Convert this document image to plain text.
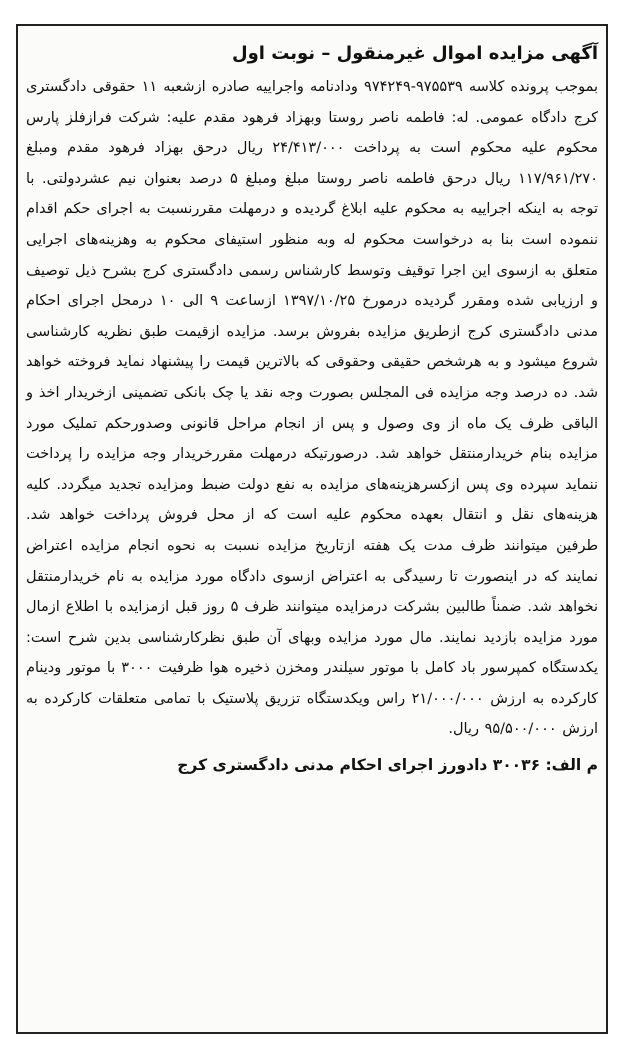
آگهی مزایده اموال غیرمنقول – نوبت اول

بموجب پرونده کلاسه ۹۷۵۵۳۹-۹۷۴۲۴۹ ودادنامه واجراییه صادره ازشعبه ۱۱ حقوقی دادگستری کرج دادگاه عمومی. له: فاطمه ناصر روستا وبهزاد فرهود مقدم علیه: شرکت فرازفلز پارس محکوم علیه محکوم است به پرداخت ۲۴/۴۱۳/۰۰۰ ریال درحق بهزاد فرهود مقدم ومبلغ ۱۱۷/۹۶۱/۲۷۰ ریال درحق فاطمه ناصر روستا مبلغ ومبلغ ۵ درصد بعنوان نیم عشردولتی. با توجه به اینکه اجراییه به محکوم علیه ابلاغ گردیده و درمهلت مقررنسبت به اجرای حکم اقدام ننموده است بنا به درخواست محکوم له وبه منظور استیفای محکوم به وهزینه‌های اجرایی متعلق به ازسوی این اجرا توقیف وتوسط کارشناس رسمی دادگستری کرج بشرح ذیل توصیف و ارزیابی شده ومقرر گردیده درمورخ ۱۳۹۷/۱۰/۲۵ ازساعت ۹ الی ۱۰ درمحل اجرای احکام مدنی دادگستری کرج ازطریق مزایده بفروش برسد. مزایده ازقیمت طبق نظریه کارشناسی شروع میشود و به هرشخص حقیقی وحقوقی که بالاترین قیمت را پیشنهاد نماید فروخته خواهد شد. ده درصد وجه مزایده فی المجلس بصورت وجه نقد یا چک بانکی تضمینی ازخریدار اخذ و الباقی ظرف یک ماه از وی وصول و پس از انجام مراحل قانونی وصدورحکم تملیک مورد مزایده بنام خریدارمنتقل خواهد شد. درصورتیکه درمهلت مقررخریدار وجه مزایده را پرداخت ننماید سپرده وی پس ازکسرهزینه‌های مزایده به نفع دولت ضبط ومزایده تجدید میگردد. کلیه هزینه‌های نقل و انتقال بعهده محکوم علیه است که از محل فروش پرداخت خواهد شد. طرفین میتوانند ظرف مدت یک هفته ازتاریخ مزایده نسبت به نحوه انجام مزایده اعتراض نمایند که در اینصورت تا رسیدگی به اعتراض ازسوی دادگاه مورد مزایده به نام خریدارمنتقل نخواهد شد. ضمناً طالبین بشرکت درمزایده میتوانند ظرف ۵ روز قبل ازمزایده با اطلاع ازمال مورد مزایده بازدید نمایند. مال مورد مزایده وبهای آن طبق نظرکارشناسی بدین شرح است: یکدستگاه کمپرسور باد کامل با موتور سیلندر ومخزن ذخیره هوا ظرفیت ۳۰۰۰ با موتور ودینام کارکرده به ارزش ۲۱/۰۰۰/۰۰۰ راس ویکدستگاه تزریق پلاستیک با تمامی متعلقات کارکرده به ارزش ۹۵/۵۰۰/۰۰۰ ریال.

م الف: ۳۰۰۳۶ دادورز اجرای احکام مدنی دادگستری کرج
